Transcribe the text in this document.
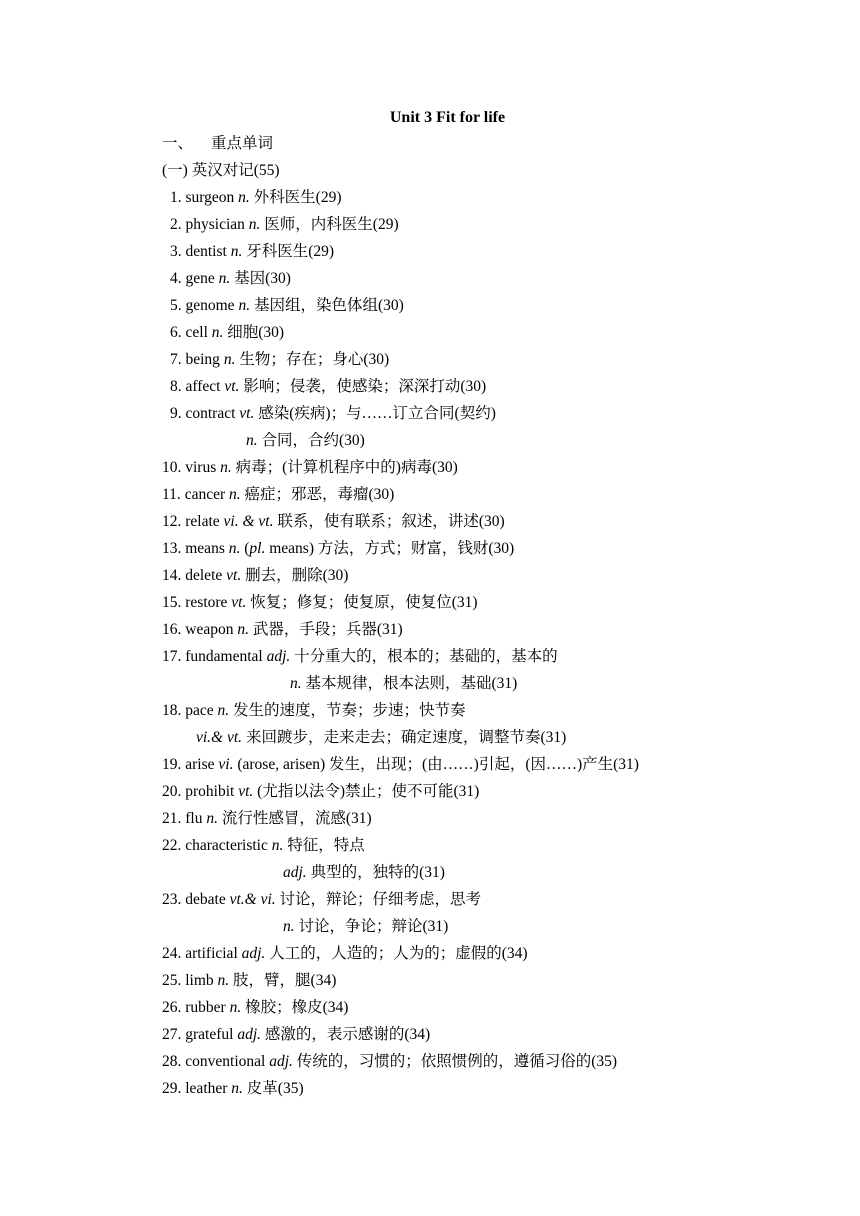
Unit 3 Fit for life
一、 重点单词
(一) 英汉对记(55)
1. surgeon n. 外科医生(29)
2. physician n. 医师，内科医生(29)
3. dentist n. 牙科医生(29)
4. gene n. 基因(30)
5. genome n. 基因组，染色体组(30)
6. cell n. 细胞(30)
7. being n. 生物；存在；身心(30)
8. affect vt. 影响；侵袭，使感染；深深打动(30)
9. contract vt. 感染(疾病)；与……订立合同(契约)
n. 合同，合约(30)
10. virus n. 病毒；(计算机程序中的)病毒(30)
11. cancer n. 癌症；邪恶，毒瘤(30)
12. relate vi. & vt. 联系，使有联系；叙述，讲述(30)
13. means n. (pl. means) 方法，方式；财富，钱财(30)
14. delete vt. 删去，删除(30)
15. restore vt. 恢复；修复；使复原，使复位(31)
16. weapon n. 武器，手段；兵器(31)
17. fundamental adj. 十分重大的，根本的；基础的，基本的
n. 基本规律，根本法则，基础(31)
18. pace n. 发生的速度，节奏；步速；快节奏
vi.& vt. 来回踱步，走来走去；确定速度，调整节奏(31)
19. arise vi. (arose, arisen) 发生，出现；(由……)引起，(因……)产生(31)
20. prohibit vt. (尤指以法令)禁止；使不可能(31)
21. flu n. 流行性感冒，流感(31)
22. characteristic n. 特征，特点
adj. 典型的，独特的(31)
23. debate vt.& vi. 讨论，辩论；仔细考虑，思考
n. 讨论，争论；辩论(31)
24. artificial adj. 人工的，人造的；人为的；虚假的(34)
25. limb n. 肢，臂，腿(34)
26. rubber n. 橡胶；橡皮(34)
27. grateful adj. 感激的，表示感谢的(34)
28. conventional adj. 传统的，习惯的；依照惯例的，遵循习俗的(35)
29. leather n. 皮革(35)
